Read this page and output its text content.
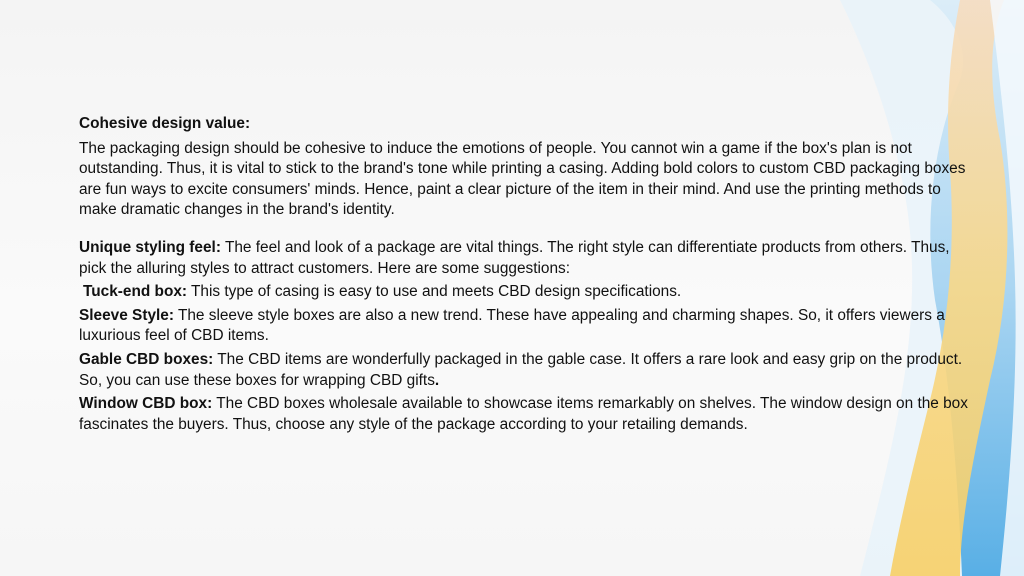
Cohesive design value:

The packaging design should be cohesive to induce the emotions of people. You cannot win a game if the box's plan is not outstanding. Thus, it is vital to stick to the brand's tone while printing a casing. Adding bold colors to custom CBD packaging boxes are fun ways to excite consumers' minds. Hence, paint a clear picture of the item in their mind. And use the printing methods to make dramatic changes in the brand's identity.

Unique styling feel: The feel and look of a package are vital things. The right style can differentiate products from others. Thus, pick the alluring styles to attract customers. Here are some suggestions:

Tuck-end box: This type of casing is easy to use and meets CBD design specifications.

Sleeve Style: The sleeve style boxes are also a new trend. These have appealing and charming shapes. So, it offers viewers a luxurious feel of CBD items.

Gable CBD boxes: The CBD items are wonderfully packaged in the gable case. It offers a rare look and easy grip on the product. So, you can use these boxes for wrapping CBD gifts.

Window CBD box: The CBD boxes wholesale available to showcase items remarkably on shelves. The window design on the box fascinates the buyers. Thus, choose any style of the package according to your retailing demands.
